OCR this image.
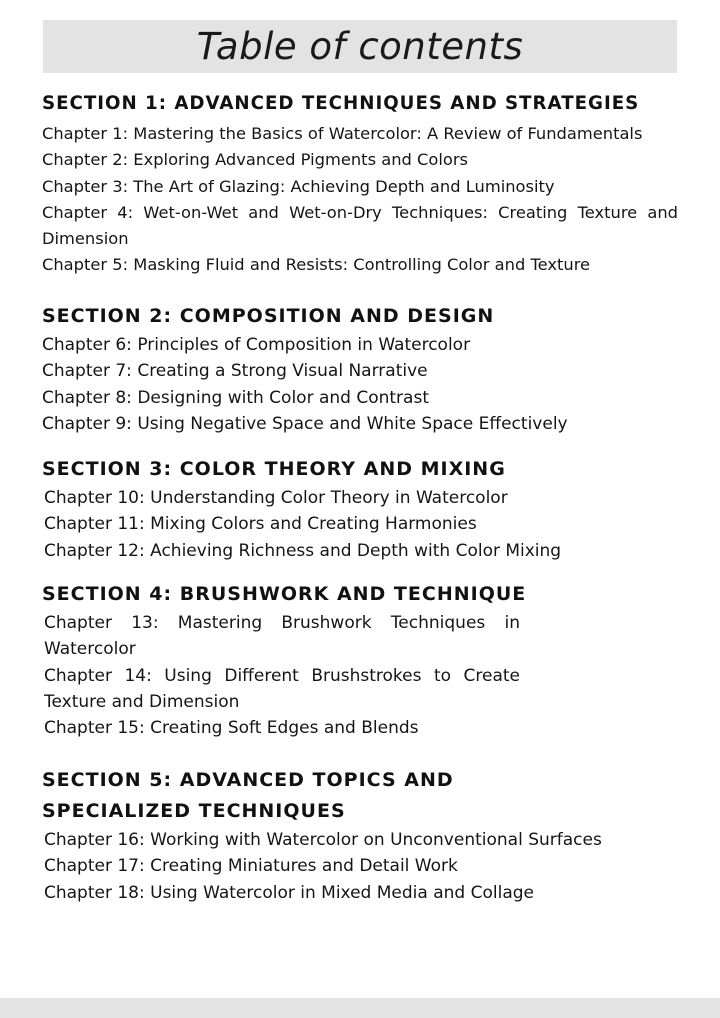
Table of contents
SECTION 1: ADVANCED TECHNIQUES AND STRATEGIES
Chapter 1: Mastering the Basics of Watercolor: A Review of Fundamentals
Chapter 2: Exploring Advanced Pigments and Colors
Chapter 3: The Art of Glazing: Achieving Depth and Luminosity
Chapter 4: Wet-on-Wet and Wet-on-Dry Techniques: Creating Texture and Dimension
Chapter 5: Masking Fluid and Resists: Controlling Color and Texture
SECTION 2: COMPOSITION AND DESIGN
Chapter 6: Principles of Composition in Watercolor
Chapter 7: Creating a Strong Visual Narrative
Chapter 8: Designing with Color and Contrast
Chapter 9: Using Negative Space and White Space Effectively
SECTION 3: COLOR THEORY AND MIXING
Chapter 10: Understanding Color Theory in Watercolor
Chapter 11: Mixing Colors and Creating Harmonies
Chapter 12: Achieving Richness and Depth with Color Mixing
SECTION 4: BRUSHWORK AND TECHNIQUE
Chapter 13: Mastering Brushwork Techniques in Watercolor
Chapter 14: Using Different Brushstrokes to Create Texture and Dimension
Chapter 15: Creating Soft Edges and Blends
SECTION 5: ADVANCED TOPICS AND SPECIALIZED TECHNIQUES
Chapter 16: Working with Watercolor on Unconventional Surfaces
Chapter 17: Creating Miniatures and Detail Work
Chapter 18: Using Watercolor in Mixed Media and Collage
